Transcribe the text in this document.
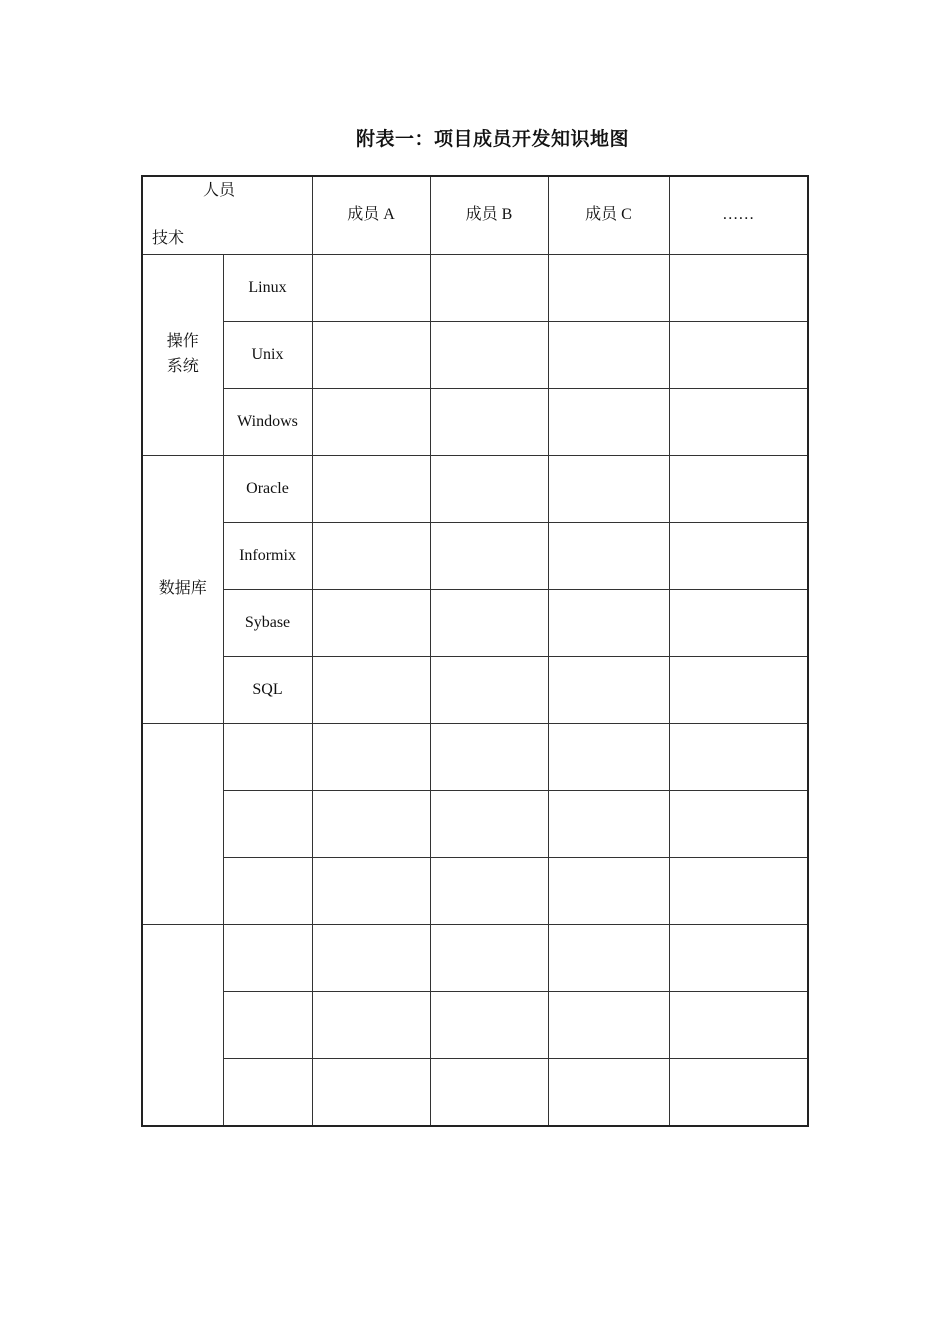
附表一：项目成员开发知识地图
人员
技术		成员 A	成员 B	成员 C	……

操作
系统	Linux				
	Unix				
	Windows				

数据库	Oracle				
	Informix				
	Sybase				
	SQL				
